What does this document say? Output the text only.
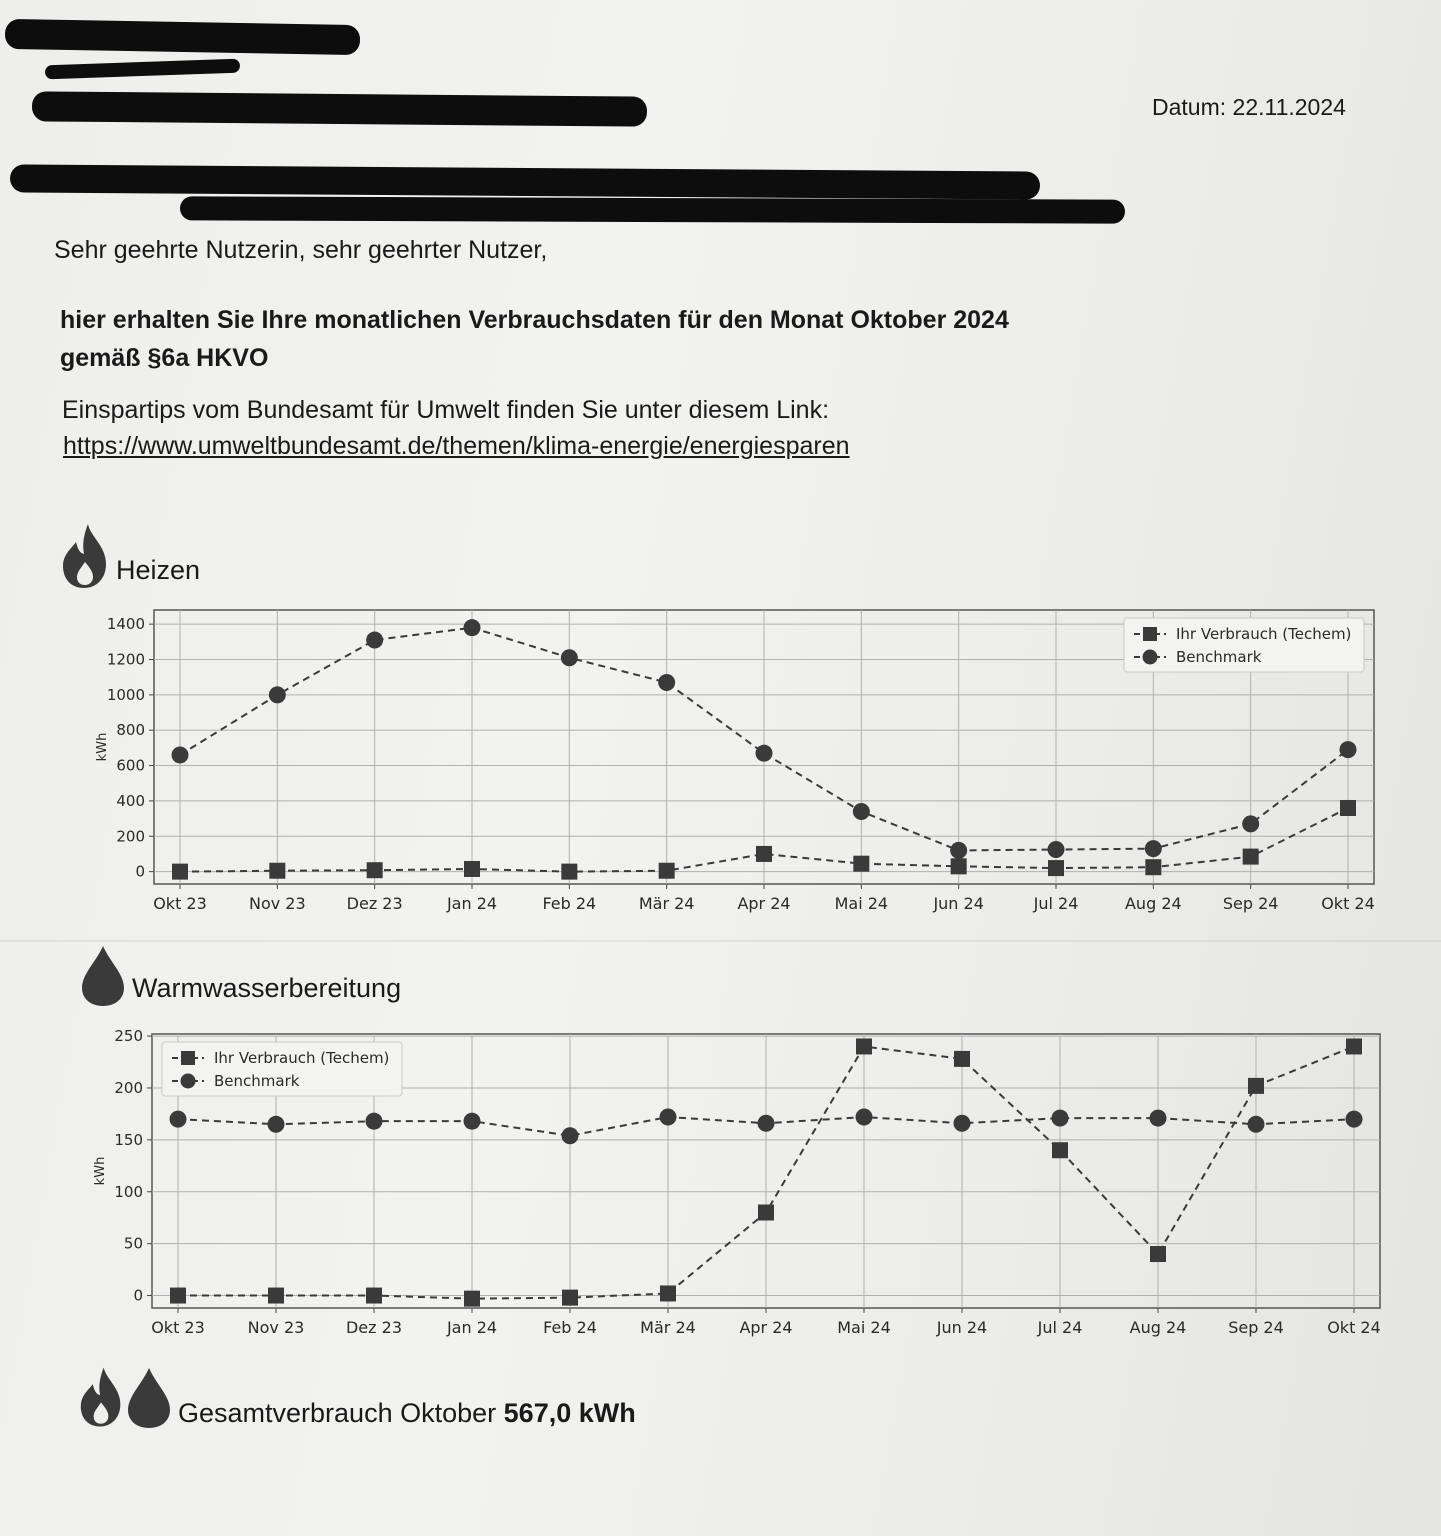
Datum: 22.11.2024
Sehr geehrte Nutzerin, sehr geehrter Nutzer,
hier erhalten Sie Ihre monatlichen Verbrauchsdaten für den Monat Oktober 2024
gemäß §6a HKVO
Einspartips vom Bundesamt für Umwelt finden Sie unter diesem Link:
https://www.umweltbundesamt.de/themen/klima-energie/energiesparen
Heizen
0
200
400
600
800
1000
1200
1400
Okt 23	Nov 23	Dez 23	Jan 24	Feb 24	Mär 24	Apr 24	Mai 24	Jun 24	Jul 24	Aug 24	Sep 24	Okt 24
kWh
Ihr Verbrauch (Techem)
Benchmark
Warmwasserbereitung
0
50
100
150
200
250
Okt 23	Nov 23	Dez 23	Jan 24	Feb 24	Mär 24	Apr 24	Mai 24	Jun 24	Jul 24	Aug 24	Sep 24	Okt 24
kWh
Ihr Verbrauch (Techem)
Benchmark
Gesamtverbrauch Oktober 567,0 kWh
